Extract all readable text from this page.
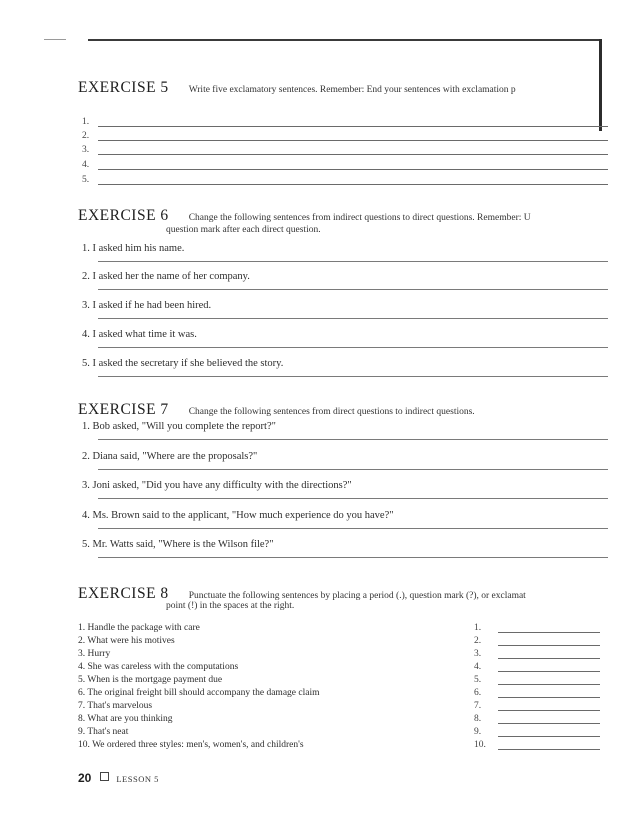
EXERCISE 5 Write five exclamatory sentences. Remember: End your sentences with exclamation p
1.
2.
3.
4.
5.
EXERCISE 6 Change the following sentences from indirect questions to direct questions. Remember: U
question mark after each direct question.
1. I asked him his name.
2. I asked her the name of her company.
3. I asked if he had been hired.
4. I asked what time it was.
5. I asked the secretary if she believed the story.
EXERCISE 7 Change the following sentences from direct questions to indirect questions.
1. Bob asked, "Will you complete the report?"
2. Diana said, "Where are the proposals?"
3. Joni asked, "Did you have any difficulty with the directions?"
4. Ms. Brown said to the applicant, "How much experience do you have?"
5. Mr. Watts said, "Where is the Wilson file?"
EXERCISE 8 Punctuate the following sentences by placing a period (.), question mark (?), or exclamat
point (!) in the spaces at the right.
1. Handle the package with care	1.
2. What were his motives	2.
3. Hurry	3.
4. She was careless with the computations	4.
5. When is the mortgage payment due	5.
6. The original freight bill should accompany the damage claim	6.
7. That's marvelous	7.
8. What are you thinking	8.
9. That's neat	9.
10. We ordered three styles: men's, women's, and children's	10.
20	LESSON 5
